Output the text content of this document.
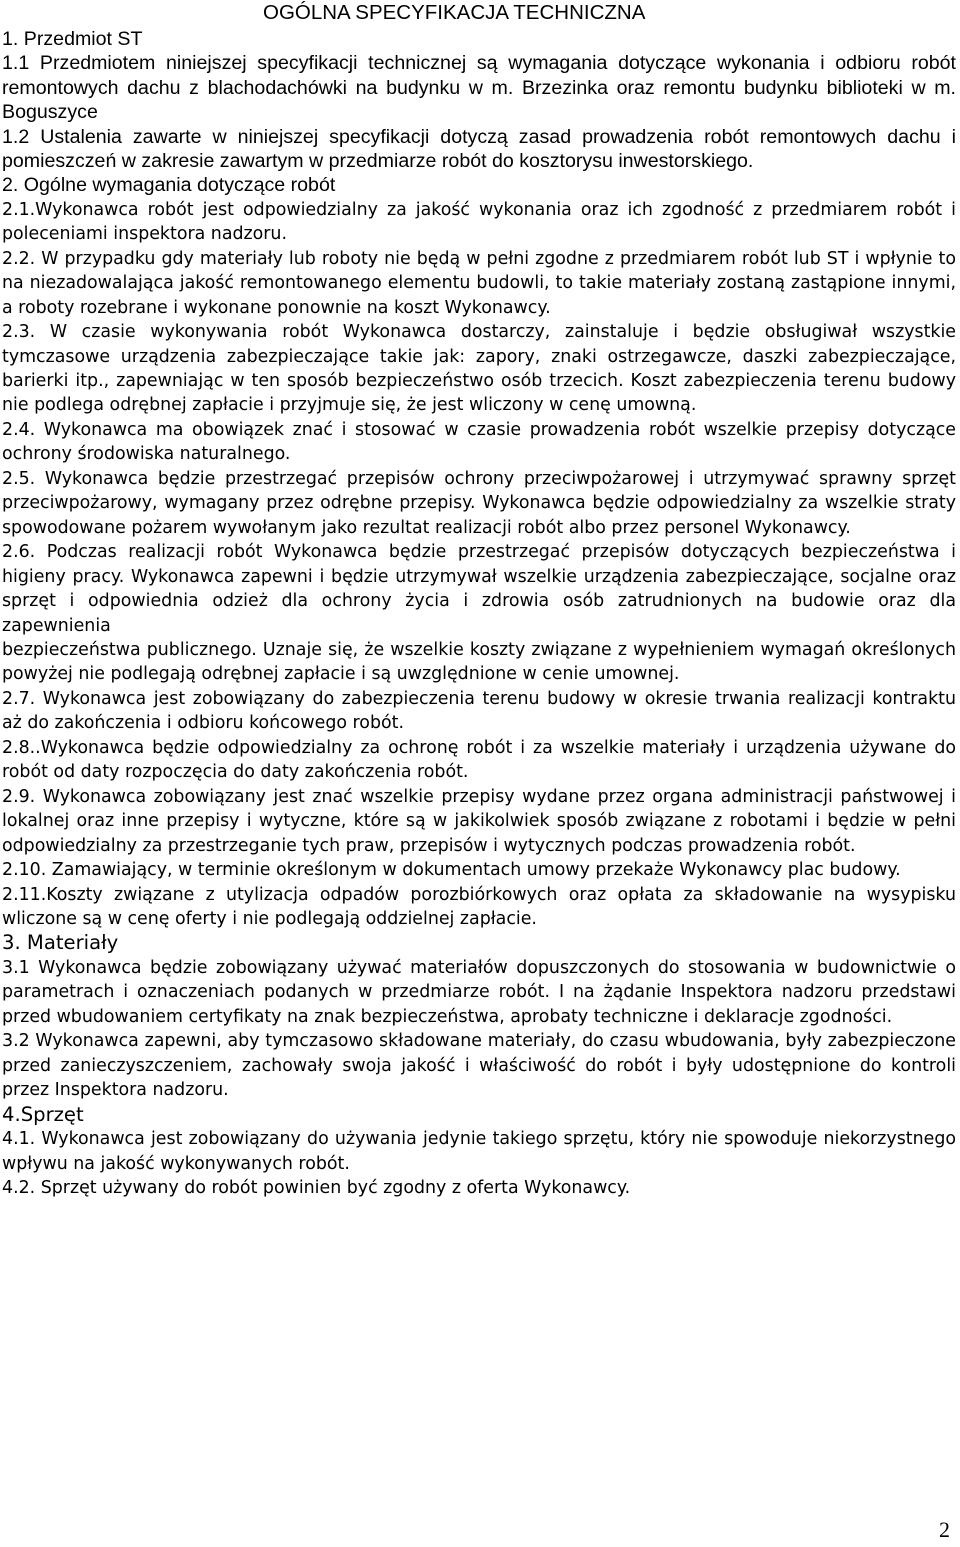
OGÓLNA SPECYFIKACJA TECHNICZNA

1. Przedmiot ST

1.1 Przedmiotem niniejszej specyfikacji technicznej są wymagania dotyczące wykonania i odbioru robót remontowych dachu z blachodachówki na budynku w m. Brzezinka oraz remontu budynku biblioteki w m. Boguszyce

1.2 Ustalenia zawarte w niniejszej specyfikacji dotyczą zasad prowadzenia robót remontowych dachu i pomieszczeń w zakresie zawartym w przedmiarze robót do kosztorysu inwestorskiego.

2. Ogólne wymagania dotyczące robót

2.1.Wykonawca robót jest odpowiedzialny za jakość wykonania oraz ich zgodność z przedmiarem robót i poleceniami inspektora nadzoru.

2.2. W przypadku gdy materiały lub roboty nie będą w pełni zgodne z przedmiarem robót lub ST i wpłynie to na niezadowalająca jakość remontowanego elementu budowli, to takie materiały zostaną zastąpione innymi, a roboty rozebrane i wykonane ponownie na koszt Wykonawcy.

2.3. W czasie wykonywania robót Wykonawca dostarczy, zainstaluje i będzie obsługiwał wszystkie tymczasowe urządzenia zabezpieczające takie jak: zapory, znaki ostrzegawcze, daszki zabezpieczające, barierki itp., zapewniając w ten sposób bezpieczeństwo osób trzecich. Koszt zabezpieczenia terenu budowy nie podlega odrębnej zapłacie i przyjmuje się, że jest wliczony w cenę umowną.

2.4. Wykonawca ma obowiązek znać i stosować w czasie prowadzenia robót wszelkie przepisy dotyczące ochrony środowiska naturalnego.

2.5. Wykonawca będzie przestrzegać przepisów ochrony przeciwpożarowej i utrzymywać sprawny sprzęt przeciwpożarowy, wymagany przez odrębne przepisy. Wykonawca będzie odpowiedzialny za wszelkie straty spowodowane pożarem wywołanym jako rezultat realizacji robót albo przez personel Wykonawcy.

2.6. Podczas realizacji robót Wykonawca będzie przestrzegać przepisów dotyczących bezpieczeństwa i higieny pracy. Wykonawca zapewni i będzie utrzymywał wszelkie urządzenia zabezpieczające, socjalne oraz sprzęt i odpowiednia odzież dla ochrony życia i zdrowia osób zatrudnionych na budowie oraz dla zapewnienia

bezpieczeństwa publicznego. Uznaje się, że wszelkie koszty związane z wypełnieniem wymagań określonych powyżej nie podlegają odrębnej zapłacie i są uwzględnione w cenie umownej.

2.7. Wykonawca jest zobowiązany do zabezpieczenia terenu budowy w okresie trwania realizacji kontraktu aż do zakończenia i odbioru końcowego robót.

2.8..Wykonawca będzie odpowiedzialny za ochronę robót i za wszelkie materiały i urządzenia używane do robót od daty rozpoczęcia do daty zakończenia robót.

2.9. Wykonawca zobowiązany jest znać wszelkie przepisy wydane przez organa administracji państwowej i lokalnej oraz inne przepisy i wytyczne, które są w jakikolwiek sposób związane z robotami i będzie w pełni odpowiedzialny za przestrzeganie tych praw, przepisów i wytycznych podczas prowadzenia robót.

2.10. Zamawiający, w terminie określonym w dokumentach umowy przekaże Wykonawcy plac budowy.

2.11.Koszty związane z utylizacja odpadów porozbiórkowych oraz opłata za składowanie na wysypisku wliczone są w cenę oferty i nie podlegają oddzielnej zapłacie.

3. Materiały

3.1 Wykonawca będzie zobowiązany używać materiałów dopuszczonych do stosowania w budownictwie o parametrach i oznaczeniach podanych w przedmiarze robót. I na żądanie Inspektora nadzoru przedstawi przed wbudowaniem certyfikaty na znak bezpieczeństwa, aprobaty techniczne i deklaracje zgodności.

3.2 Wykonawca zapewni, aby tymczasowo składowane materiały, do czasu wbudowania, były zabezpieczone przed zanieczyszczeniem, zachowały swoja jakość i właściwość do robót i były udostępnione do kontroli przez Inspektora nadzoru.

4.Sprzęt

4.1. Wykonawca jest zobowiązany do używania jedynie takiego sprzętu, który nie spowoduje niekorzystnego wpływu na jakość wykonywanych robót.

4.2. Sprzęt używany do robót powinien być zgodny z oferta Wykonawcy.

2
